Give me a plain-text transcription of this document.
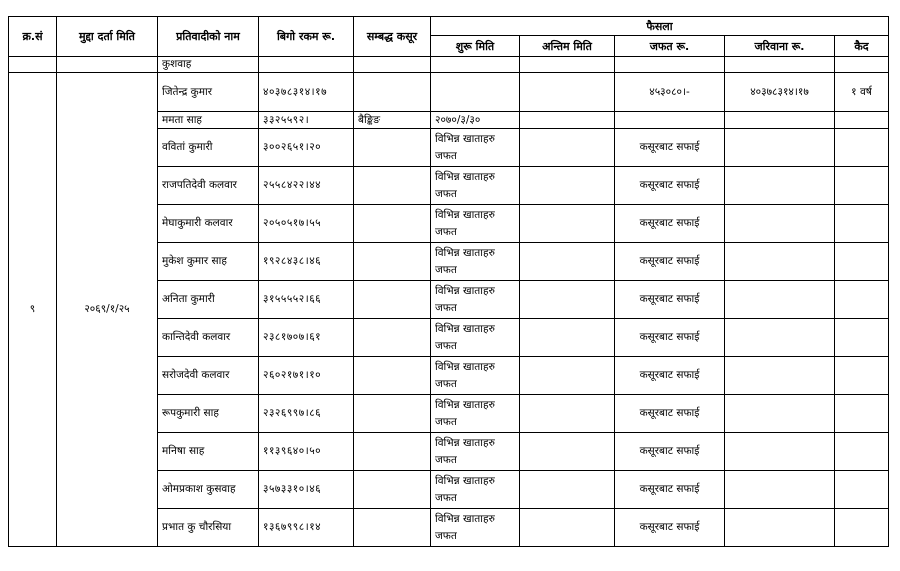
क्र.सं	मुद्दा दर्ता मिति	प्रतिवादीको नाम	बिगो रकम रू.	सम्बद्ध कसूर	फैसला				
					शुरू मिति	अन्तिम मिति	जफत रू.	जरिवाना रू.	कैद
		कुशवाह							
९	२०६९/१/२५	जितेन्द्र कुमार	४०३७८३१४।१७				४५३०८०।-	४०३७८३१४।१७	१ वर्ष
		ममता साह	३३२५५९२।	बैङ्किङ	२०७०/३/३०				
		ववितां कुमारी	३००२६५१।२०		विभिन्न खाताहरु जफत		कसूरबाट सफाई		
		राजपतिदेवी कलवार	२५५८४२२।४४		विभिन्न खाताहरु जफत		कसूरबाट सफाई		
		मेघाकुमारी कलवार	२०५०५१७।५५		विभिन्न खाताहरु जफत		कसूरबाट सफाई		
		मुकेश कुमार साह	१९२८४३८।४६		विभिन्न खाताहरु जफत		कसूरबाट सफाई		
		अनिता कुमारी	३१५५५५२।६६		विभिन्न खाताहरु जफत		कसूरबाट सफाई		
		कान्तिदेवी कलवार	२३८१७०७।६१		विभिन्न खाताहरु जफत		कसूरबाट सफाई		
		सरोजदेवी कलवार	२६०२१७१।१०		विभिन्न खाताहरु जफत		कसूरबाट सफाई		
		रूपकुमारी साह	२३२६९९७।८६		विभिन्न खाताहरु जफत		कसूरबाट सफाई		
		मनिषा साह	११३९६४०।५०		विभिन्न खाताहरु जफत		कसूरबाट सफाई		
		ओमप्रकाश कुसवाह	३५७३३१०।४६		विभिन्न खाताहरु जफत		कसूरबाट सफाई		
		प्रभात कु चौरसिया	१३६७९९८।१४		विभिन्न खाताहरु जफत		कसूरबाट सफाई		
